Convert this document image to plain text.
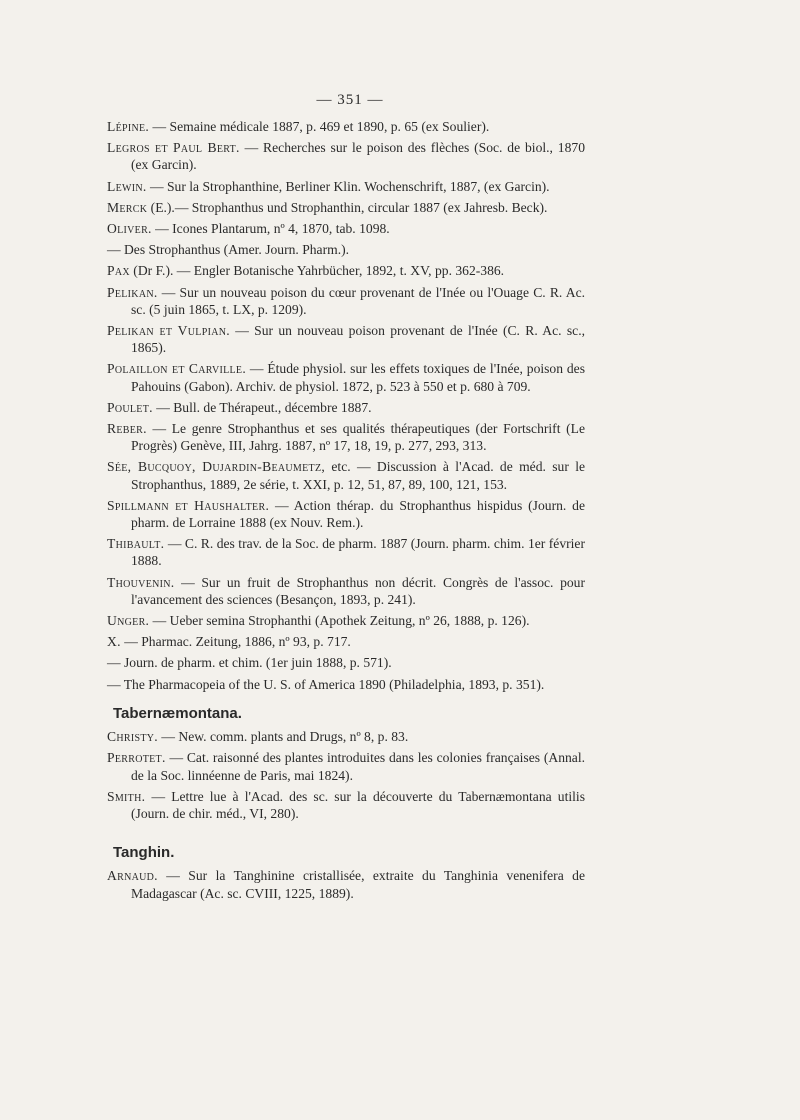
— 351 —
Lépine. — Semaine médicale 1887, p. 469 et 1890, p. 65 (ex Soulier).
Legros et Paul Bert. — Recherches sur le poison des flèches (Soc. de biol., 1870 (ex Garcin).
Lewin. — Sur la Strophanthine, Berliner Klin. Wochenschrift, 1887, (ex Garcin).
Merck (E.).— Strophanthus und Strophanthin, circular 1887 (ex Jahresb. Beck).
Oliver. — Icones Plantarum, nº 4, 1870, tab. 1098.
— Des Strophanthus (Amer. Journ. Pharm.).
Pax (Dr F.). — Engler Botanische Yahrbücher, 1892, t. XV, pp. 362-386.
Pelikan. — Sur un nouveau poison du cœur provenant de l'Inée ou l'Ouage C. R. Ac. sc. (5 juin 1865, t. LX, p. 1209).
Pelikan et Vulpian. — Sur un nouveau poison provenant de l'Inée (C. R. Ac. sc., 1865).
Polaillon et Carville. — Étude physiol. sur les effets toxiques de l'Inée, poison des Pahouins (Gabon). Archiv. de physiol. 1872, p. 523 à 550 et p. 680 à 709.
Poulet. — Bull. de Thérapeut., décembre 1887.
Reber. — Le genre Strophanthus et ses qualités thérapeutiques (der Fortschrift (Le Progrès) Genève, III, Jahrg. 1887, nº 17, 18, 19, p. 277, 293, 313.
Sée, Bucquoy, Dujardin-Beaumetz, etc. — Discussion à l'Acad. de méd. sur le Strophanthus, 1889, 2e série, t. XXI, p. 12, 51, 87, 89, 100, 121, 153.
Spillmann et Haushalter. — Action thérap. du Strophanthus hispidus (Journ. de pharm. de Lorraine 1888 (ex Nouv. Rem.).
Thibault. — C. R. des trav. de la Soc. de pharm. 1887 (Journ. pharm. chim. 1er février 1888.
Thouvenin. — Sur un fruit de Strophanthus non décrit. Congrès de l'assoc. pour l'avancement des sciences (Besançon, 1893, p. 241).
Unger. — Ueber semina Strophanthi (Apothek Zeitung, nº 26, 1888, p. 126).
X. — Pharmac. Zeitung, 1886, nº 93, p. 717.
— Journ. de pharm. et chim. (1er juin 1888, p. 571).
— The Pharmacopeia of the U. S. of America 1890 (Philadelphia, 1893, p. 351).
Tabernæmontana.
Christy. — New. comm. plants and Drugs, nº 8, p. 83.
Perrotet. — Cat. raisonné des plantes introduites dans les colonies françaises (Annal. de la Soc. linnéenne de Paris, mai 1824).
Smith. — Lettre lue à l'Acad. des sc. sur la découverte du Tabernæmontana utilis (Journ. de chir. méd., VI, 280).
Tanghin.
Arnaud. — Sur la Tanghinine cristallisée, extraite du Tanghinia venenifera de Madagascar (Ac. sc. CVIII, 1225, 1889).
